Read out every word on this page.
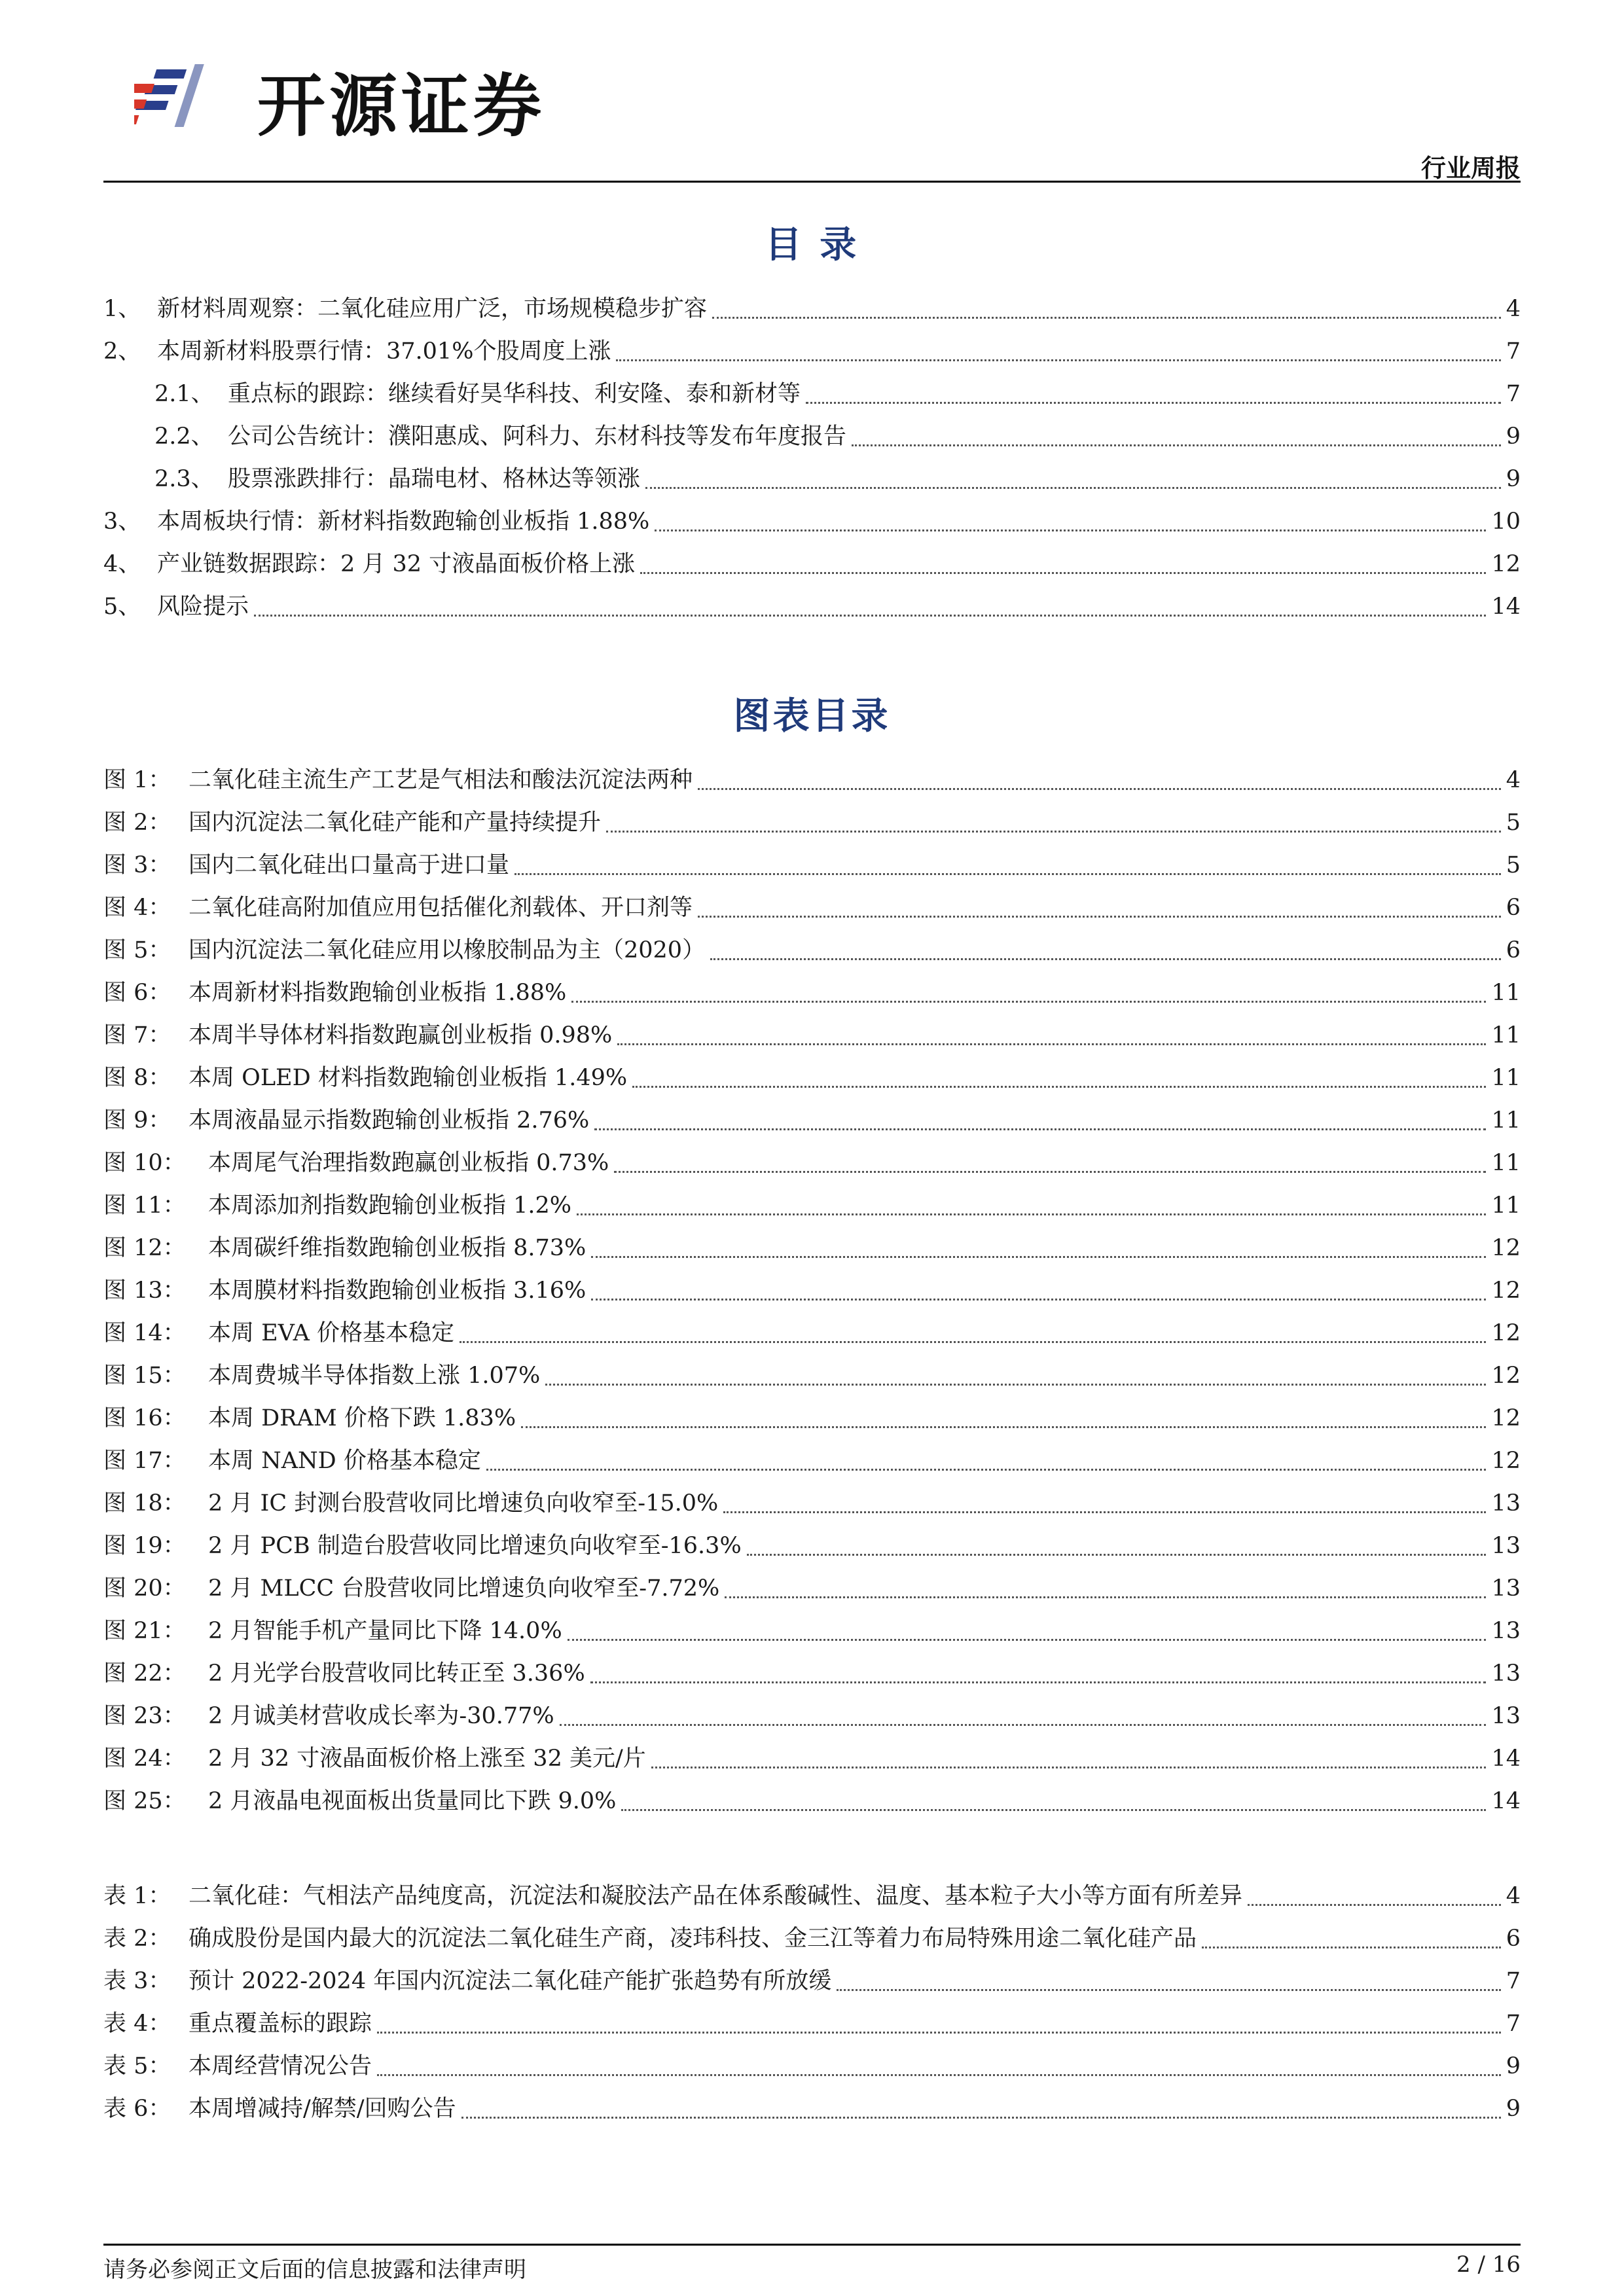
开源证券
行业周报
目 录
1、 新材料周观察：二氧化硅应用广泛，市场规模稳步扩容	4
2、 本周新材料股票行情：37.01%个股周度上涨	7
2.1、 重点标的跟踪：继续看好昊华科技、利安隆、泰和新材等	7
2.2、 公司公告统计：濮阳惠成、阿科力、东材科技等发布年度报告	9
2.3、 股票涨跌排行：晶瑞电材、格林达等领涨	9
3、 本周板块行情：新材料指数跑输创业板指 1.88%	10
4、 产业链数据跟踪：2 月 32 寸液晶面板价格上涨	12
5、 风险提示	14
图表目录
图 1： 二氧化硅主流生产工艺是气相法和酸法沉淀法两种	4
图 2： 国内沉淀法二氧化硅产能和产量持续提升	5
图 3： 国内二氧化硅出口量高于进口量	5
图 4： 二氧化硅高附加值应用包括催化剂载体、开口剂等	6
图 5： 国内沉淀法二氧化硅应用以橡胶制品为主（2020）	6
图 6： 本周新材料指数跑输创业板指 1.88%	11
图 7： 本周半导体材料指数跑赢创业板指 0.98%	11
图 8： 本周 OLED 材料指数跑输创业板指 1.49%	11
图 9： 本周液晶显示指数跑输创业板指 2.76%	11
图 10： 本周尾气治理指数跑赢创业板指 0.73%	11
图 11： 本周添加剂指数跑输创业板指 1.2%	11
图 12： 本周碳纤维指数跑输创业板指 8.73%	12
图 13： 本周膜材料指数跑输创业板指 3.16%	12
图 14： 本周 EVA 价格基本稳定	12
图 15： 本周费城半导体指数上涨 1.07%	12
图 16： 本周 DRAM 价格下跌 1.83%	12
图 17： 本周 NAND 价格基本稳定	12
图 18： 2 月 IC 封测台股营收同比增速负向收窄至-15.0%	13
图 19： 2 月 PCB 制造台股营收同比增速负向收窄至-16.3%	13
图 20： 2 月 MLCC 台股营收同比增速负向收窄至-7.72%	13
图 21： 2 月智能手机产量同比下降 14.0%	13
图 22： 2 月光学台股营收同比转正至 3.36%	13
图 23： 2 月诚美材营收成长率为-30.77%	13
图 24： 2 月 32 寸液晶面板价格上涨至 32 美元/片	14
图 25： 2 月液晶电视面板出货量同比下跌 9.0%	14
表 1： 二氧化硅：气相法产品纯度高，沉淀法和凝胶法产品在体系酸碱性、温度、基本粒子大小等方面有所差异	4
表 2： 确成股份是国内最大的沉淀法二氧化硅生产商，凌玮科技、金三江等着力布局特殊用途二氧化硅产品	6
表 3： 预计 2022-2024 年国内沉淀法二氧化硅产能扩张趋势有所放缓	7
表 4： 重点覆盖标的跟踪	7
表 5： 本周经营情况公告	9
表 6： 本周增减持/解禁/回购公告	9
请务必参阅正文后面的信息披露和法律声明	2 / 16
